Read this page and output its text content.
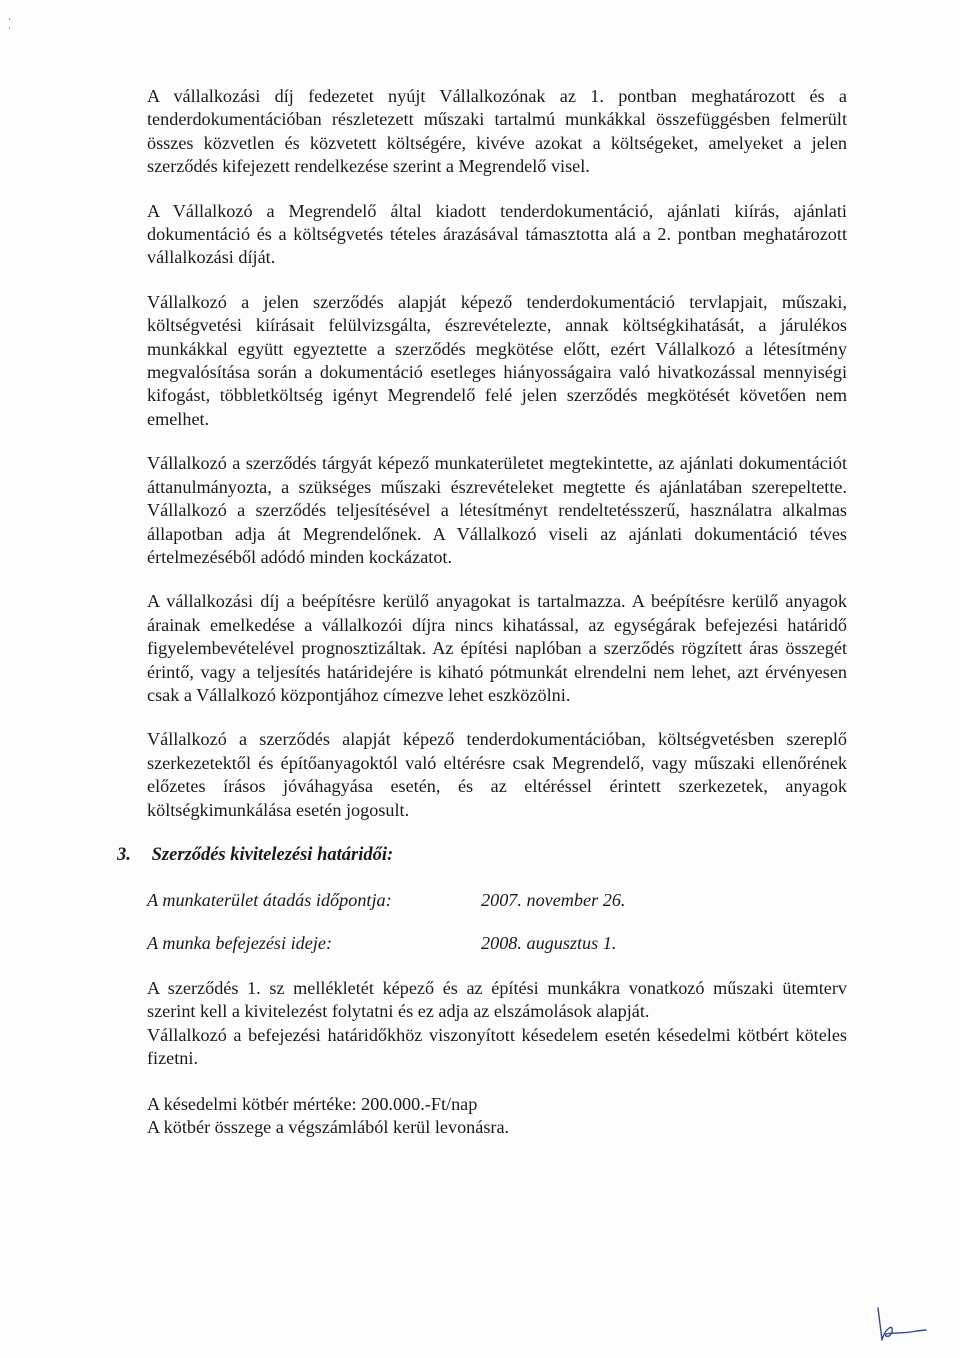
A vállalkozási díj fedezetet nyújt Vállalkozónak az 1. pontban meghatározott és a tenderdokumentációban részletezett műszaki tartalmú munkákkal összefüggésben felmerült összes közvetlen és közvetett költségére, kivéve azokat a költségeket, amelyeket a jelen szerződés kifejezett rendelkezése szerint a Megrendelő visel.

A Vállalkozó a Megrendelő által kiadott tenderdokumentáció, ajánlati kiírás, ajánlati dokumentáció és a költségvetés tételes árazásával támasztotta alá a 2. pontban meghatározott vállalkozási díját.

Vállalkozó a jelen szerződés alapját képező tenderdokumentáció tervlapjait, műszaki, költségvetési kiírásait felülvizsgálta, észrevételezte, annak költségkihatását, a járulékos munkákkal együtt egyeztette a szerződés megkötése előtt, ezért Vállalkozó a létesítmény megvalósítása során a dokumentáció esetleges hiányosságaira való hivatkozással mennyiségi kifogást, többletköltség igényt Megrendelő felé jelen szerződés megkötését követően nem emelhet.

Vállalkozó a szerződés tárgyát képező munkaterületet megtekintette, az ajánlati dokumentációt áttanulmányozta, a szükséges műszaki észrevételeket megtette és ajánlatában szerepeltette. Vállalkozó a szerződés teljesítésével a létesítményt rendeltetésszerű, használatra alkalmas állapotban adja át Megrendelőnek. A Vállalkozó viseli az ajánlati dokumentáció téves értelmezéséből adódó minden kockázatot.

A vállalkozási díj a beépítésre kerülő anyagokat is tartalmazza. A beépítésre kerülő anyagok árainak emelkedése a vállalkozói díjra nincs kihatással, az egységárak befejezési határidő figyelembevételével prognosztizáltak. Az építési naplóban a szerződés rögzített áras összegét érintő, vagy a teljesítés határidejére is kiható pótmunkát elrendelni nem lehet, azt érvényesen csak a Vállalkozó központjához címezve lehet eszközölni.

Vállalkozó a szerződés alapját képező tenderdokumentációban, költségvetésben szereplő szerkezetektől és építőanyagoktól való eltérésre csak Megrendelő, vagy műszaki ellenőrének előzetes írásos jóváhagyása esetén, és az eltéréssel érintett szerkezetek, anyagok költségkimunkálása esetén jogosult.

3. Szerződés kivitelezési határidői:
A munkaterület átadás időpontja:	2007. november 26.
A munka befejezési ideje:	2008. augusztus 1.

A szerződés 1. sz mellékletét képező és az építési munkákra vonatkozó műszaki ütemterv szerint kell a kivitelezést folytatni és ez adja az elszámolások alapját.

Vállalkozó a befejezési határidőkhöz viszonyított késedelem esetén késedelmi kötbért köteles fizetni.

A késedelmi kötbér mértéke: 200.000.-Ft/nap

A kötbér összege a végszámlából kerül levonásra.
